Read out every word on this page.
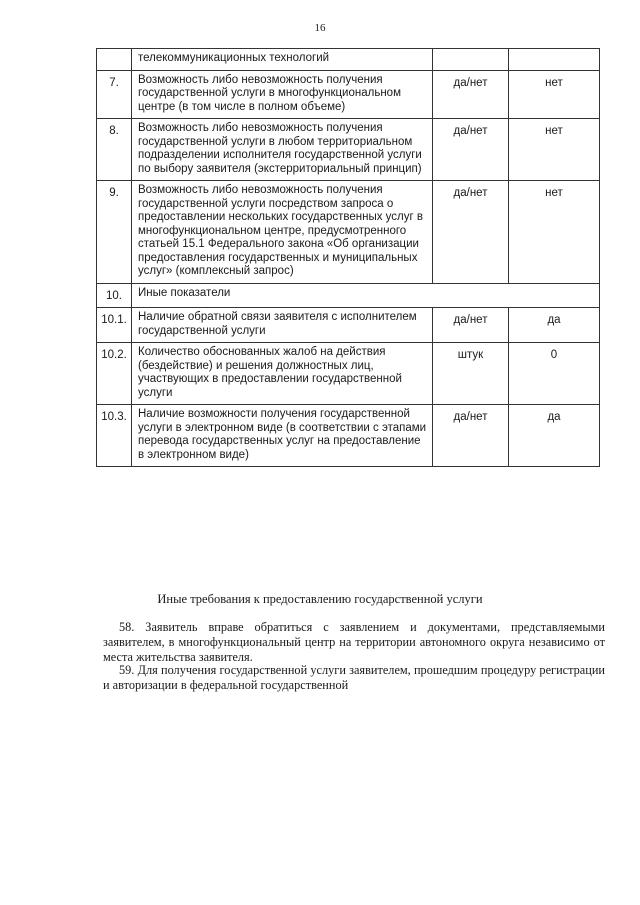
16
	телекоммуникационных технологий		
7.	Возможность либо невозможность получения государственной услуги в многофункциональном центре (в том числе в полном объеме)	да/нет	нет
8.	Возможность либо невозможность получения государственной услуги в любом территориальном подразделении исполнителя государственной услуги по выбору заявителя (экстерриториальный принцип)	да/нет	нет
9.	Возможность либо невозможность получения государственной услуги посредством запроса о предоставлении нескольких государственных услуг в многофункциональном центре, предусмотренного статьей 15.1 Федерального закона «Об организации предоставления государственных и муниципальных услуг» (комплексный запрос)	да/нет	нет
10.	Иные показатели		
10.1.	Наличие обратной связи заявителя с исполнителем государственной услуги	да/нет	да
10.2.	Количество обоснованных жалоб на действия (бездействие) и решения должностных лиц, участвующих в предоставлении государственной услуги	штук	0
10.3.	Наличие возможности получения государственной услуги в электронном виде (в соответствии с этапами перевода государственных услуг на предоставление в электронном виде)	да/нет	да
Иные требования к предоставлению государственной услуги
58. Заявитель вправе обратиться с заявлением и документами, представляемыми заявителем, в многофункциональный центр на территории автономного округа независимо от места жительства заявителя.
59. Для получения государственной услуги заявителем, прошедшим процедуру регистрации и авторизации в федеральной государственной
